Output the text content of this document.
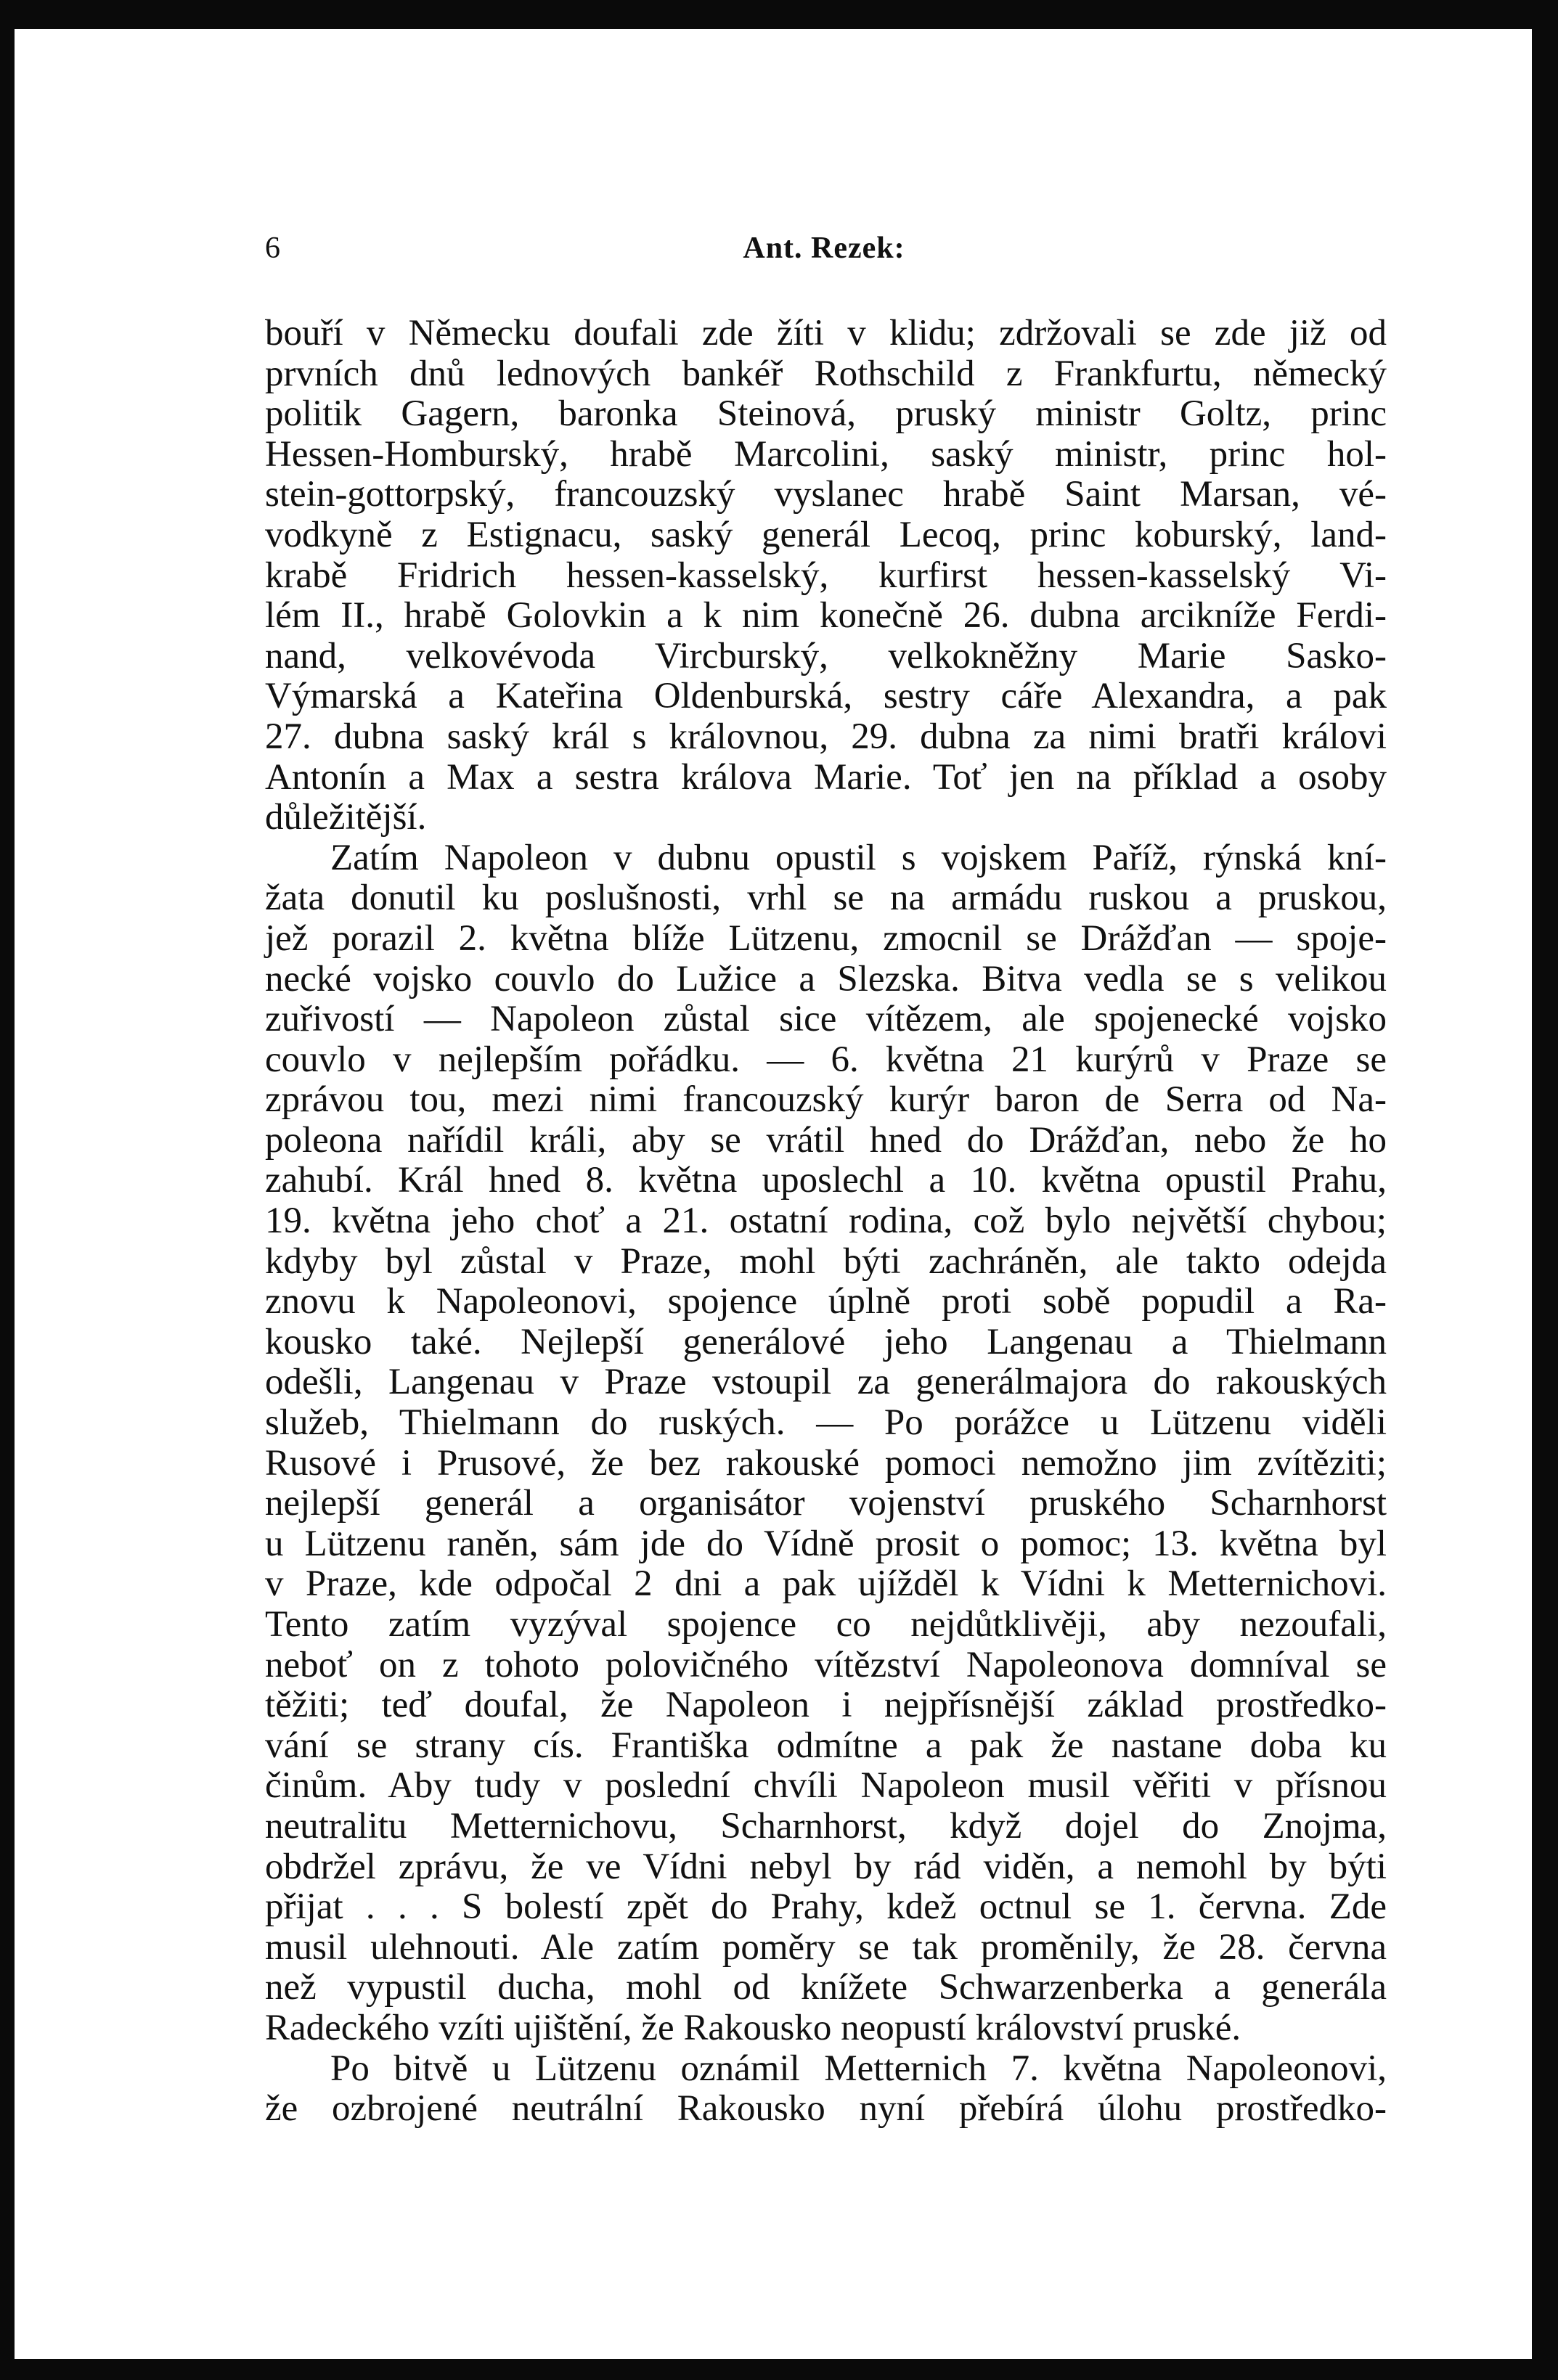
6	Ant. Rezek:
bouří v Německu doufali zde žíti v klidu; zdržovali se zde již od
prvních dnů lednových bankéř Rothschild z Frankfurtu, německý
politik Gagern, baronka Steinová, pruský ministr Goltz, princ
Hessen-Homburský, hrabě Marcolini, saský ministr, princ hol-
stein-gottorpský, francouzský vyslanec hrabě Saint Marsan, vé-
vodkyně z Estignacu, saský generál Lecoq, princ koburský, land-
krabě Fridrich hessen-kasselský, kurfirst hessen-kasselský Vi-
lém II., hrabě Golovkin a k nim konečně 26. dubna arcikníže Ferdi-
nand, velkovévoda Vircburský, velkokněžny Marie Sasko-
Výmarská a Kateřina Oldenburská, sestry cáře Alexandra, a pak
27. dubna saský král s královnou, 29. dubna za nimi bratři královi
Antonín a Max a sestra králova Marie. Toť jen na příklad a osoby
důležitější.
Zatím Napoleon v dubnu opustil s vojskem Paříž, rýnská kní-
žata donutil ku poslušnosti, vrhl se na armádu ruskou a pruskou,
jež porazil 2. května blíže Lützenu, zmocnil se Drážďan — spoje-
necké vojsko couvlo do Lužice a Slezska. Bitva vedla se s velikou
zuřivostí — Napoleon zůstal sice vítězem, ale spojenecké vojsko
couvlo v nejlepším pořádku. — 6. května 21 kurýrů v Praze se
zprávou tou, mezi nimi francouzský kurýr baron de Serra od Na-
poleona nařídil králi, aby se vrátil hned do Drážďan, nebo že ho
zahubí. Král hned 8. května uposlechl a 10. května opustil Prahu,
19. května jeho choť a 21. ostatní rodina, což bylo největší chybou;
kdyby byl zůstal v Praze, mohl býti zachráněn, ale takto odejda
znovu k Napoleonovi, spojence úplně proti sobě popudil a Ra-
kousko také. Nejlepší generálové jeho Langenau a Thielmann
odešli, Langenau v Praze vstoupil za generálmajora do rakouských
služeb, Thielmann do ruských. — Po porážce u Lützenu viděli
Rusové i Prusové, že bez rakouské pomoci nemožno jim zvítěziti;
nejlepší generál a organisátor vojenství pruského Scharnhorst
u Lützenu raněn, sám jde do Vídně prosit o pomoc; 13. května byl
v Praze, kde odpočal 2 dni a pak ujížděl k Vídni k Metternichovi.
Tento zatím vyzýval spojence co nejdůtklivěji, aby nezoufali,
neboť on z tohoto polovičného vítězství Napoleonova domníval se
těžiti; teď doufal, že Napoleon i nejpřísnější základ prostředko-
vání se strany cís. Františka odmítne a pak že nastane doba ku
činům. Aby tudy v poslední chvíli Napoleon musil věřiti v přísnou
neutralitu Metternichovu, Scharnhorst, když dojel do Znojma,
obdržel zprávu, že ve Vídni nebyl by rád viděn, a nemohl by býti
přijat . . . S bolestí zpět do Prahy, kdež octnul se 1. června. Zde
musil ulehnouti. Ale zatím poměry se tak proměnily, že 28. června
než vypustil ducha, mohl od knížete Schwarzenberka a generála
Radeckého vzíti ujištění, že Rakousko neopustí království pruské.
Po bitvě u Lützenu oznámil Metternich 7. května Napoleonovi,
že ozbrojené neutrální Rakousko nyní přebírá úlohu prostředko-
